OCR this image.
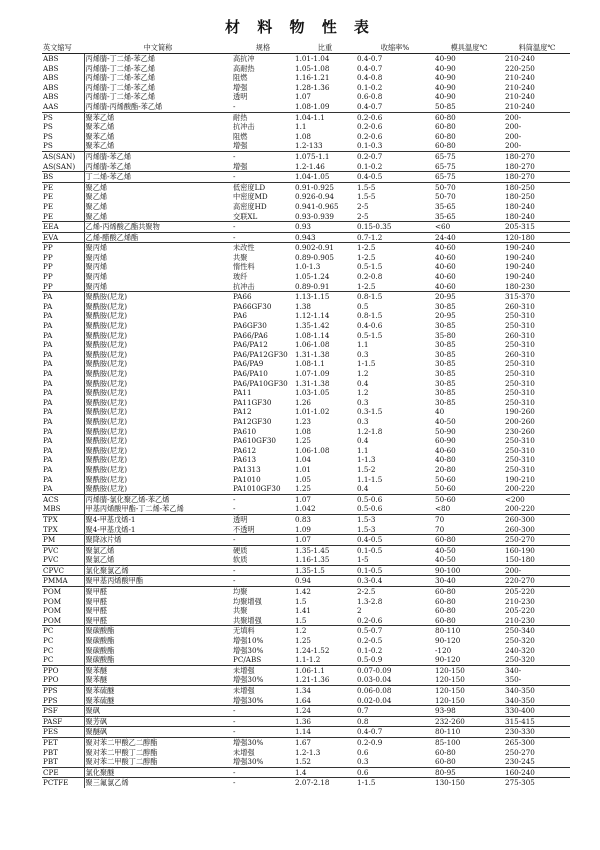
材 料 物 性 表
英文缩写	中文简称	规格	比重	收缩率%	模具温度℃	料筒温度℃
ABS	丙烯腈-丁二烯-苯乙烯	高抗冲	1.01-1.04	0.4-0.7	40-90	210-240
ABS	丙烯腈-丁二烯-苯乙烯	高耐热	1.05-1.08	0.4-0.7	40-90	220-250
ABS	丙烯腈-丁二烯-苯乙烯	阻燃	1.16-1.21	0.4-0.8	40-90	210-240
ABS	丙烯腈-丁二烯-苯乙烯	增强	1.28-1.36	0.1-0.2	40-90	210-240
ABS	丙烯腈-丁二烯-苯乙烯	透明	1.07	0.6-0.8	40-90	210-240
AAS	丙烯腈-丙烯酸酯-苯乙烯	-	1.08-1.09	0.4-0.7	50-85	210-240
PS	聚苯乙烯	耐热	1.04-1.1	0.2-0.6	60-80	200-
PS	聚苯乙烯	抗冲击	1.1	0.2-0.6	60-80	200-
PS	聚苯乙烯	阻燃	1.08	0.2-0.6	60-80	200-
PS	聚苯乙烯	增强	1.2-133	0.1-0.3	60-80	200-
AS(SAN)	丙烯腈-苯乙烯	-	1.075-1.1	0.2-0.7	65-75	180-270
AS(SAN)	丙烯腈-苯乙烯	增强	1.2-1.46	0.1-0.2	65-75	180-270
BS	丁二烯-苯乙烯	-	1.04-1.05	0.4-0.5	65-75	180-270
PE	聚乙烯	低密度LD	0.91-0.925	1.5-5	50-70	180-250
PE	聚乙烯	中密度MD	0.926-0.94	1.5-5	50-70	180-250
PE	聚乙烯	高密度HD	0.941-0.965	2-5	35-65	180-240
PE	聚乙烯	交联XL	0.93-0.939	2-5	35-65	180-240
EEA	乙烯-丙烯酸乙酯共聚物	-	0.93	0.15-0.35	<60	205-315
EVA	乙烯-醋酸乙烯酯	-	0.943	0.7-1.2	24-40	120-180
PP	聚丙烯	未改性	0.902-0.91	1-2.5	40-60	190-240
PP	聚丙烯	共聚	0.89-0.905	1-2.5	40-60	190-240
PP	聚丙烯	惰性料	1.0-1.3	0.5-1.5	40-60	190-240
PP	聚丙烯	玻纤	1.05-1.24	0.2-0.8	40-60	190-240
PP	聚丙烯	抗冲击	0.89-0.91	1-2.5	40-60	180-230
PA	聚酰胺(尼龙)	PA66	1.13-1.15	0.8-1.5	20-95	315-370
PA	聚酰胺(尼龙)	PA66GF30	1.38	0.5	30-85	260-310
PA	聚酰胺(尼龙)	PA6	1.12-1.14	0.8-1.5	20-95	250-310
PA	聚酰胺(尼龙)	PA6GF30	1.35-1.42	0.4-0.6	30-85	250-310
PA	聚酰胺(尼龙)	PA66/PA6	1.08-1.14	0.5-1.5	35-80	260-310
PA	聚酰胺(尼龙)	PA6/PA12	1.06-1.08	1.1	30-85	250-310
PA	聚酰胺(尼龙)	PA6/PA12GF30	1.31-1.38	0.3	30-85	260-310
PA	聚酰胺(尼龙)	PA6/PA9	1.08-1.1	1-1.5	30-85	250-310
PA	聚酰胺(尼龙)	PA6/PA10	1.07-1.09	1.2	30-85	250-310
PA	聚酰胺(尼龙)	PA6/PA10GF30	1.31-1.38	0.4	30-85	250-310
PA	聚酰胺(尼龙)	PA11	1.03-1.05	1.2	30-85	250-310
PA	聚酰胺(尼龙)	PA11GF30	1.26	0.3	30-85	250-310
PA	聚酰胺(尼龙)	PA12	1.01-1.02	0.3-1.5	40	190-260
PA	聚酰胺(尼龙)	PA12GF30	1.23	0.3	40-50	200-260
PA	聚酰胺(尼龙)	PA610	1.08	1.2-1.8	50-90	230-260
PA	聚酰胺(尼龙)	PA610GF30	1.25	0.4	60-90	250-310
PA	聚酰胺(尼龙)	PA612	1.06-1.08	1.1	40-60	250-310
PA	聚酰胺(尼龙)	PA613	1.04	1-1.3	40-80	250-310
PA	聚酰胺(尼龙)	PA1313	1.01	1.5-2	20-80	250-310
PA	聚酰胺(尼龙)	PA1010	1.05	1.1-1.5	50-60	190-210
PA	聚酰胺(尼龙)	PA1010GF30	1.25	0.4	50-60	200-220
ACS	丙烯腈-氯化聚乙烯-苯乙烯	-	1.07	0.5-0.6	50-60	<200
MBS	甲基丙烯酸甲酯-丁二烯-苯乙烯	-	1.042	0.5-0.6	<80	200-220
TPX	聚4-甲基戊烯-1	透明	0.83	1.5-3	70	260-300
TPX	聚4-甲基戊烯-1	不透明	1.09	1.5-3	70	260-300
PM	聚降冰片烯	-	1.07	0.4-0.5	60-80	250-270
PVC	聚氯乙烯	硬质	1.35-1.45	0.1-0.5	40-50	160-190
PVC	聚氯乙烯	软质	1.16-1.35	1-5	40-50	150-180
CPVC	氯化聚氯乙烯	-	1.35-1.5	0.1-0.5	90-100	200-
PMMA	聚甲基丙烯酸甲酯	-	0.94	0.3-0.4	30-40	220-270
POM	聚甲醛	均聚	1.42	2-2.5	60-80	205-220
POM	聚甲醛	均聚增强	1.5	1.3-2.8	60-80	210-230
POM	聚甲醛	共聚	1.41	2	60-80	205-220
POM	聚甲醛	共聚增强	1.5	0.2-0.6	60-80	210-230
PC	聚碳酸酯	无填料	1.2	0.5-0.7	80-110	250-340
PC	聚碳酸酯	增强10%	1.25	0.2-0.5	90-120	250-320
PC	聚碳酸酯	增强30%	1.24-1.52	0.1-0.2	-120	240-320
PC	聚碳酸酯	PC/ABS	1.1-1.2	0.5-0.9	90-120	250-320
PPO	聚苯醚	未增强	1.06-1.1	0.07-0.09	120-150	340-
PPO	聚苯醚	增强30%	1.21-1.36	0.03-0.04	120-150	350-
PPS	聚苯硫醚	未增强	1.34	0.06-0.08	120-150	340-350
PPS	聚苯硫醚	增强30%	1.64	0.02-0.04	120-150	340-350
PSF	聚砜	-	1.24	0.7	93-98	330-400
PASF	聚芳砜	-	1.36	0.8	232-260	315-415
PES	聚醚砜	-	1.14	0.4-0.7	80-110	230-330
PET	聚对苯二甲酸乙二醇酯	增强30%	1.67	0.2-0.9	85-100	265-300
PBT	聚对苯二甲酸丁二醇酯	未增强	1.2-1.3	0.6	60-80	250-270
PBT	聚对苯二甲酸丁二醇酯	增强30%	1.52	0.3	60-80	230-245
CPE	氯化聚醚	-	1.4	0.6	80-95	160-240
PCTFE	聚三氟氯乙烯	-	2.07-2.18	1-1.5	130-150	275-305
